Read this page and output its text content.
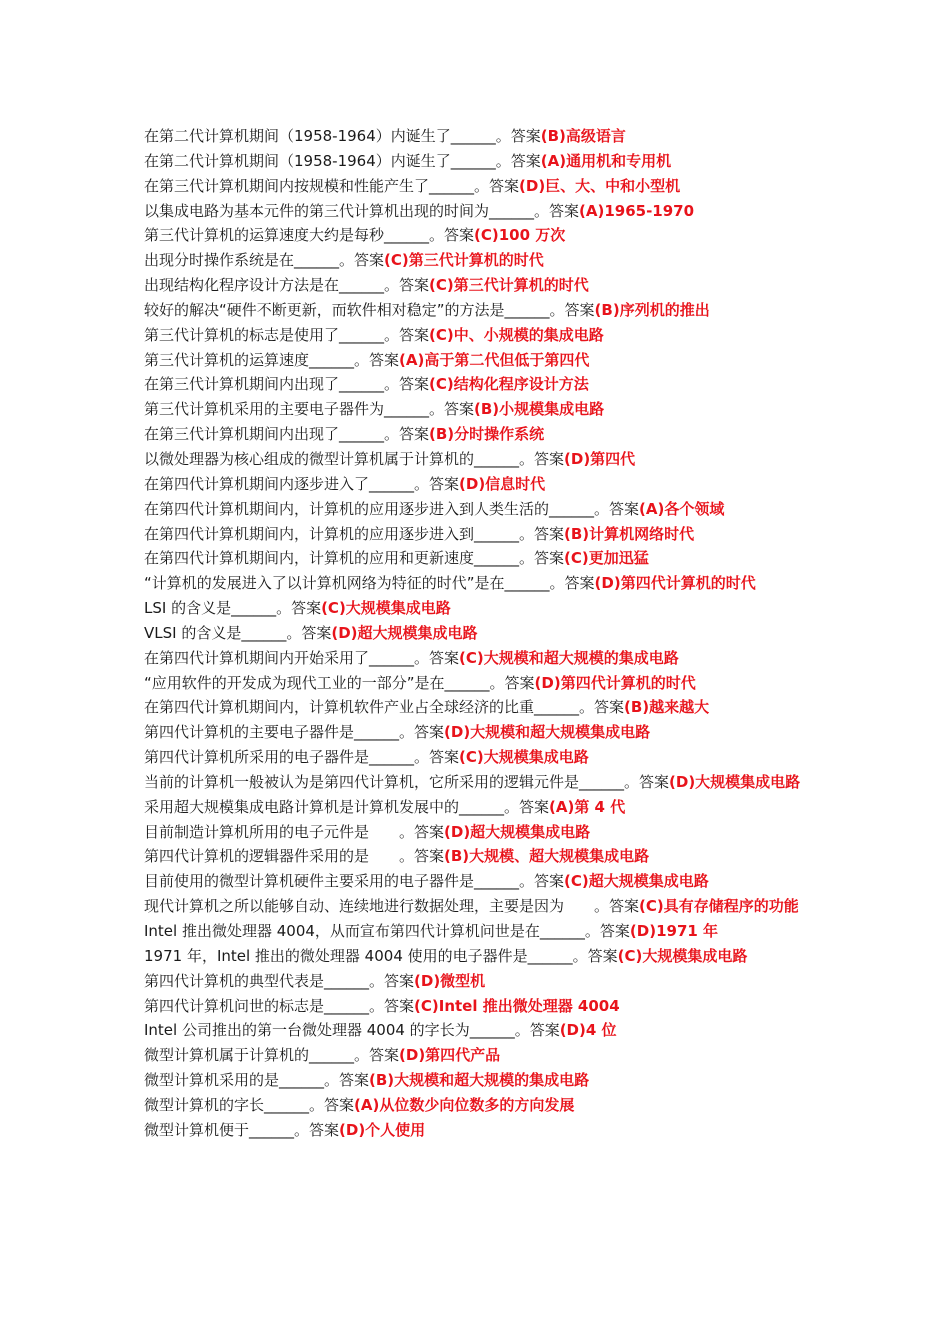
在第二代计算机期间（1958-1964）内诞生了______。答案(B)高级语言

在第二代计算机期间（1958-1964）内诞生了______。答案(A)通用机和专用机

在第三代计算机期间内按规模和性能产生了______。答案(D)巨、大、中和小型机

以集成电路为基本元件的第三代计算机出现的时间为______。答案(A)1965-1970

第三代计算机的运算速度大约是每秒______。答案(C)100 万次

出现分时操作系统是在______。答案(C)第三代计算机的时代

出现结构化程序设计方法是在______。答案(C)第三代计算机的时代

较好的解决“硬件不断更新，而软件相对稳定”的方法是______。答案(B)序列机的推出

第三代计算机的标志是使用了______。答案(C)中、小规模的集成电路

第三代计算机的运算速度______。答案(A)高于第二代但低于第四代

在第三代计算机期间内出现了______。答案(C)结构化程序设计方法

第三代计算机采用的主要电子器件为______。答案(B)小规模集成电路

在第三代计算机期间内出现了______。答案(B)分时操作系统

以微处理器为核心组成的微型计算机属于计算机的______。答案(D)第四代

在第四代计算机期间内逐步进入了______。答案(D)信息时代

在第四代计算机期间内，计算机的应用逐步进入到人类生活的______。答案(A)各个领域

在第四代计算机期间内，计算机的应用逐步进入到______。答案(B)计算机网络时代

在第四代计算机期间内，计算机的应用和更新速度______。答案(C)更加迅猛

“计算机的发展进入了以计算机网络为特征的时代”是在______。答案(D)第四代计算机的时代

LSI 的含义是______。答案(C)大规模集成电路

VLSI 的含义是______。答案(D)超大规模集成电路

在第四代计算机期间内开始采用了______。答案(C)大规模和超大规模的集成电路

“应用软件的开发成为现代工业的一部分”是在______。答案(D)第四代计算机的时代

在第四代计算机期间内，计算机软件产业占全球经济的比重______。答案(B)越来越大

第四代计算机的主要电子器件是______。答案(D)大规模和超大规模集成电路

第四代计算机所采用的电子器件是______。答案(C)大规模集成电路

当前的计算机一般被认为是第四代计算机，它所采用的逻辑元件是______。答案(D)大规模集成电路

采用超大规模集成电路计算机是计算机发展中的______。答案(A)第 4 代

目前制造计算机所用的电子元件是　　。答案(D)超大规模集成电路

第四代计算机的逻辑器件采用的是　　。答案(B)大规模、超大规模集成电路

目前使用的微型计算机硬件主要采用的电子器件是______。答案(C)超大规模集成电路

现代计算机之所以能够自动、连续地进行数据处理，主要是因为　　。答案(C)具有存储程序的功能

Intel 推出微处理器 4004，从而宣布第四代计算机问世是在______。答案(D)1971 年

1971 年，Intel 推出的微处理器 4004 使用的电子器件是______。答案(C)大规模集成电路

第四代计算机的典型代表是______。答案(D)微型机

第四代计算机问世的标志是______。答案(C)Intel 推出微处理器 4004

Intel 公司推出的第一台微处理器 4004 的字长为______。答案(D)4 位

微型计算机属于计算机的______。答案(D)第四代产品

微型计算机采用的是______。答案(B)大规模和超大规模的集成电路

微型计算机的字长______。答案(A)从位数少向位数多的方向发展

微型计算机便于______。答案(D)个人使用
